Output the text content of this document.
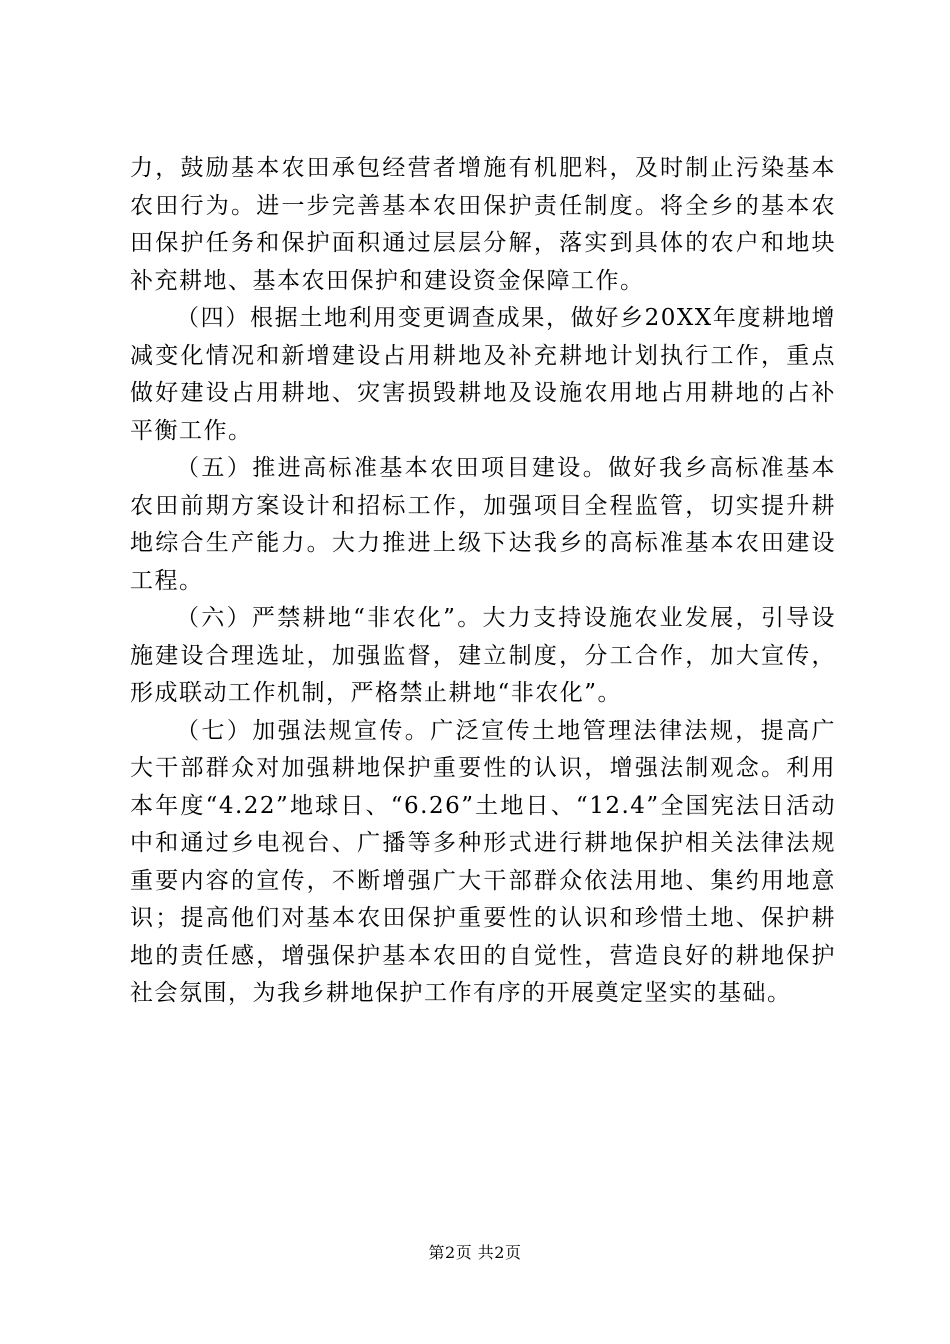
力，鼓励基本农田承包经营者增施有机肥料，及时制止污染基本农田行为。进一步完善基本农田保护责任制度。将全乡的基本农田保护任务和保护面积通过层层分解，落实到具体的农户和地块补充耕地、基本农田保护和建设资金保障工作。

（四）根据土地利用变更调查成果，做好乡20XX年度耕地增减变化情况和新增建设占用耕地及补充耕地计划执行工作，重点做好建设占用耕地、灾害损毁耕地及设施农用地占用耕地的占补平衡工作。

（五）推进高标准基本农田项目建设。做好我乡高标准基本农田前期方案设计和招标工作，加强项目全程监管，切实提升耕地综合生产能力。大力推进上级下达我乡的高标准基本农田建设工程。

（六）严禁耕地“非农化”。大力支持设施农业发展，引导设施建设合理选址，加强监督，建立制度，分工合作，加大宣传，形成联动工作机制，严格禁止耕地“非农化”。

（七）加强法规宣传。广泛宣传土地管理法律法规，提高广大干部群众对加强耕地保护重要性的认识，增强法制观念。利用本年度“4.22”地球日、“6.26”土地日、“12.4”全国宪法日活动中和通过乡电视台、广播等多种形式进行耕地保护相关法律法规重要内容的宣传，不断增强广大干部群众依法用地、集约用地意识；提高他们对基本农田保护重要性的认识和珍惜土地、保护耕地的责任感，增强保护基本农田的自觉性，营造良好的耕地保护社会氛围，为我乡耕地保护工作有序的开展奠定坚实的基础。

第2页 共2页
